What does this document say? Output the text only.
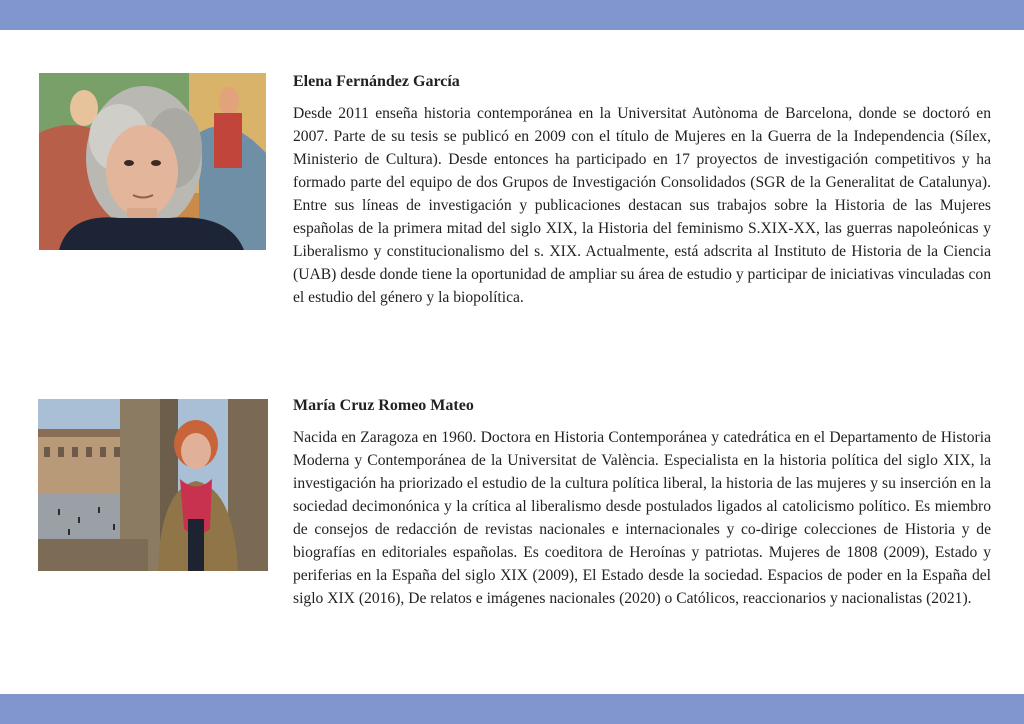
Elena Fernández García

Desde 2011 enseña historia contemporánea en la Universitat Autònoma de Barcelona, donde se doctoró en 2007. Parte de su tesis se publicó en 2009 con el título de Mujeres en la Guerra de la Independencia (Sílex, Ministerio de Cultura). Desde entonces ha participado en 17 proyectos de investigación competitivos y ha formado parte del equipo de dos Grupos de Investigación Consolidados (SGR de la Generalitat de Catalunya). Entre sus líneas de investigación y publicaciones destacan sus trabajos sobre la Historia de las Mujeres españolas de la primera mitad del siglo XIX, la Historia del feminismo S.XIX-XX, las guerras napoleónicas y Liberalismo y constitucionalismo del s. XIX. Actualmente, está adscrita al Instituto de Historia de la Ciencia (UAB) desde donde tiene la oportunidad de ampliar su área de estudio y participar de iniciativas vinculadas con el estudio del género y la biopolítica.

María Cruz Romeo Mateo

Nacida en Zaragoza en 1960. Doctora en Historia Contemporánea y catedrática en el Departamento de Historia Moderna y Contemporánea de la Universitat de València. Especialista en la historia política del siglo XIX, la investigación ha priorizado el estudio de la cultura política liberal, la historia de las mujeres y su inserción en la sociedad decimonónica y la crítica al liberalismo desde postulados ligados al catolicismo político. Es miembro de consejos de redacción de revistas nacionales e internacionales y co-dirige colecciones de Historia y de biografías en editoriales españolas. Es coeditora de Heroínas y patriotas. Mujeres de 1808 (2009), Estado y periferias en la España del siglo XIX (2009), El Estado desde la sociedad. Espacios de poder en la España del siglo XIX (2016), De relatos e imágenes nacionales (2020) o Católicos, reaccionarios y nacionalistas (2021).
